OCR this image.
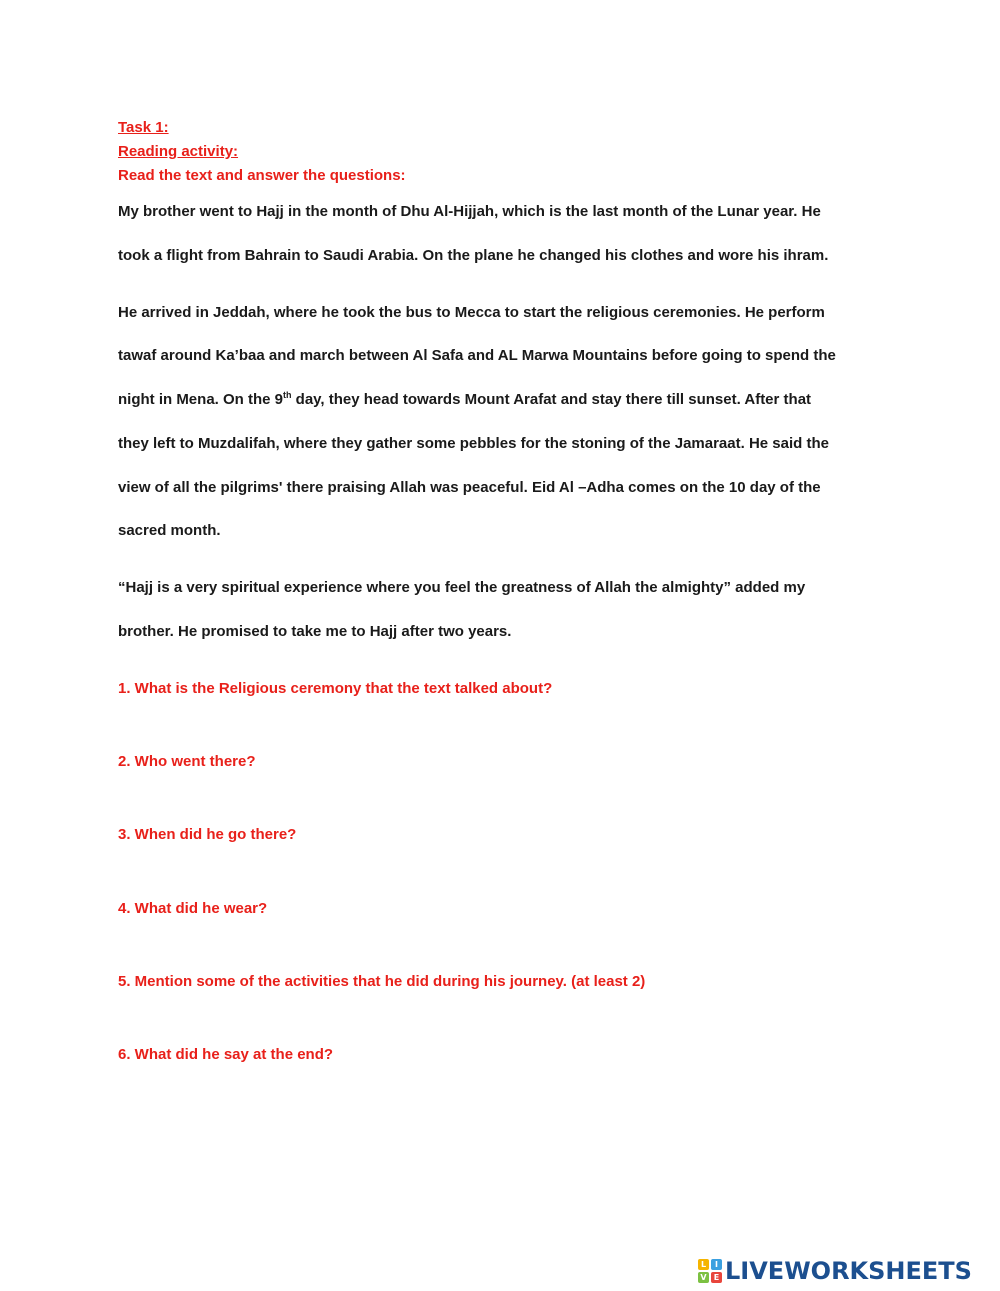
Task 1:
Reading activity:
Read the text and answer the questions:
My brother went to Hajj in the month of Dhu Al-Hijjah, which is the last month of the Lunar year. He
took a flight from Bahrain to Saudi Arabia. On the plane he changed his clothes and wore his ihram.
He arrived in Jeddah, where he took the bus to Mecca to start the religious ceremonies. He perform
tawaf around Ka’baa and march between Al Safa and AL Marwa Mountains before going to spend the
night in Mena. On the 9th day, they head towards Mount Arafat and stay there till sunset. After that
they left to Muzdalifah, where they gather some pebbles for the stoning of the Jamaraat. He said the
view of all the pilgrims' there praising Allah was peaceful. Eid Al –Adha comes on the 10 day of the
sacred month.
“Hajj is a very spiritual experience where you feel the greatness of Allah the almighty” added my
brother. He promised to take me to Hajj after two years.
1. What is the Religious ceremony that the text talked about?
2. Who went there?
3. When did he go there?
4. What did he wear?
5. Mention some of the activities that he did during his journey. (at least 2)
6. What did he say at the end?
L	I
V E LIVEWORKSHEETS
